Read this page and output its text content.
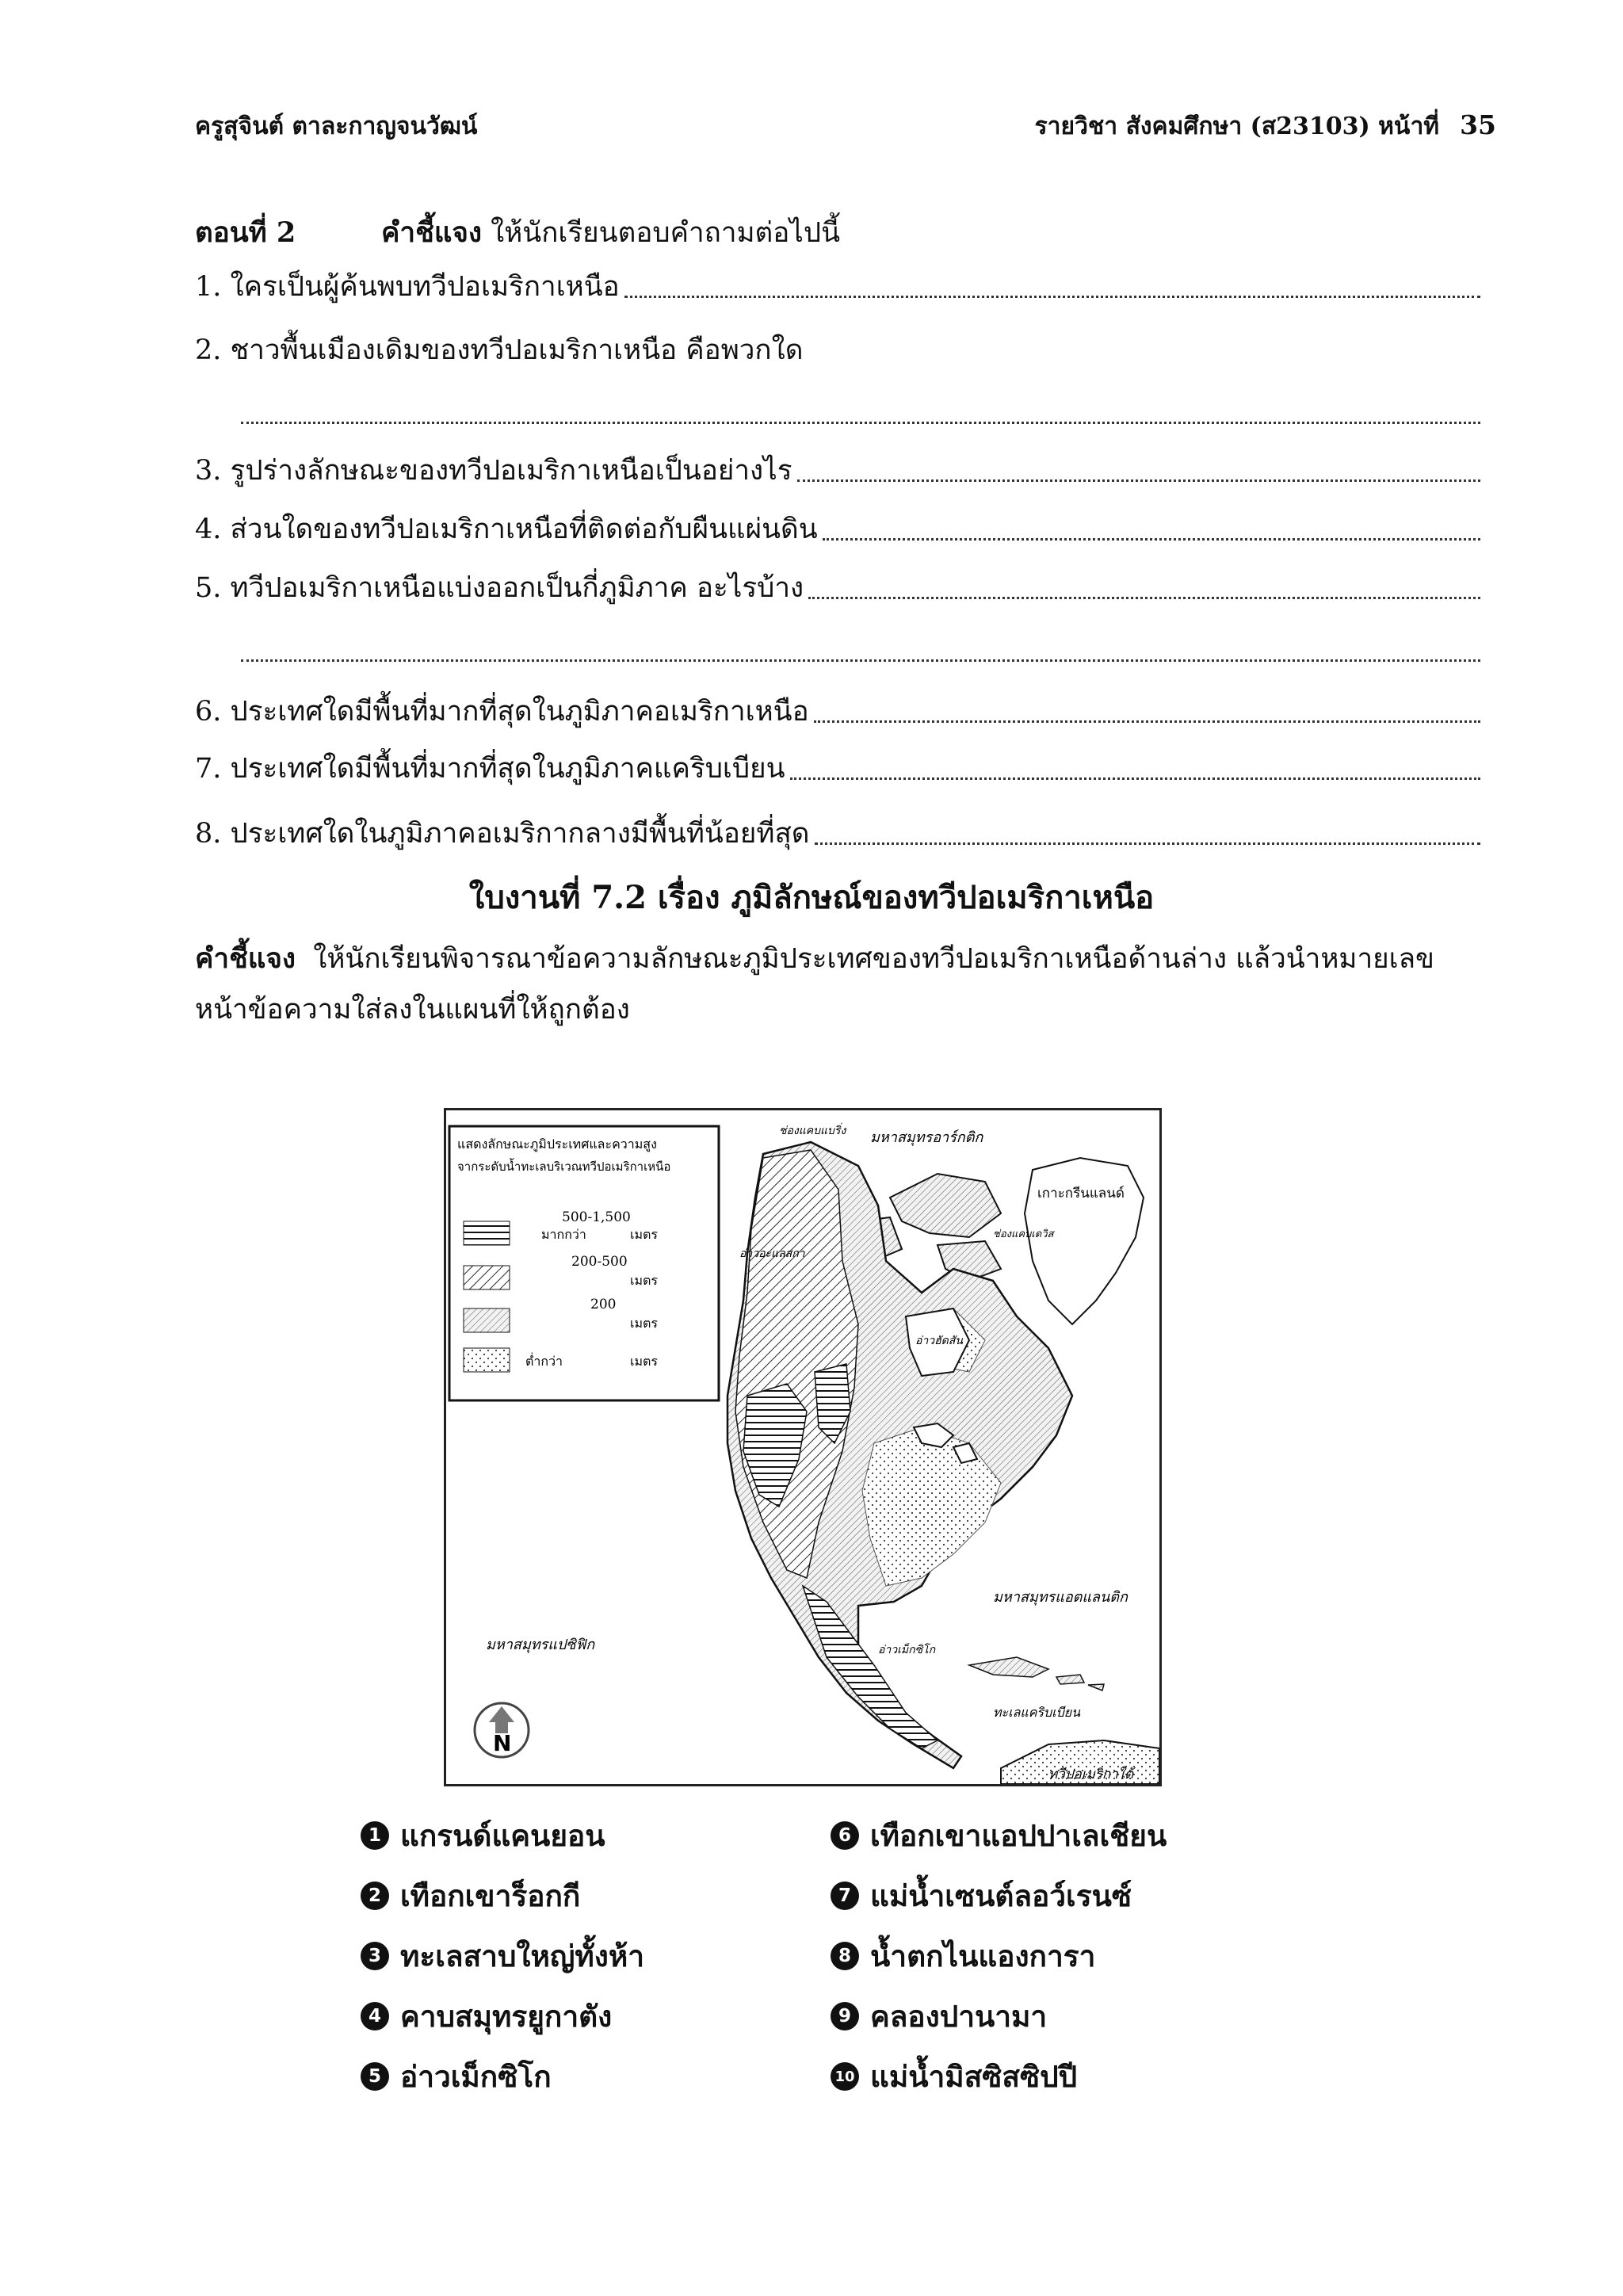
ครูสุจินต์ ตาละกาญจนวัฒน์	รายวิชา สังคมศึกษา (ส23103) หน้าที่ 35
ตอนที่ 2	คำชี้แจง ให้นักเรียนตอบคำถามต่อไปนี้
1. ใครเป็นผู้ค้นพบทวีปอเมริกาเหนือ
2. ชาวพื้นเมืองเดิมของทวีปอเมริกาเหนือ คือพวกใด
3. รูปร่างลักษณะของทวีปอเมริกาเหนือเป็นอย่างไร
4. ส่วนใดของทวีปอเมริกาเหนือที่ติดต่อกับผืนแผ่นดิน
5. ทวีปอเมริกาเหนือแบ่งออกเป็นกี่ภูมิภาค อะไรบ้าง
6. ประเทศใดมีพื้นที่มากที่สุดในภูมิภาคอเมริกาเหนือ
7. ประเทศใดมีพื้นที่มากที่สุดในภูมิภาคแคริบเบียน
8. ประเทศใดในภูมิภาคอเมริกากลางมีพื้นที่น้อยที่สุด
ใบงานที่ 7.2 เรื่อง ภูมิลักษณ์ของทวีปอเมริกาเหนือ
คำชี้แจง ให้นักเรียนพิจารณาข้อความลักษณะภูมิประเทศของทวีปอเมริกาเหนือด้านล่าง แล้วนำหมายเลขหน้าข้อความใส่ลงในแผนที่ให้ถูกต้อง
แสดงลักษณะภูมิประเทศและความสูง
จากระดับน้ำทะเลบริเวณทวีปอเมริกาเหนือ
500-1,500
มากกว่า	เมตร
200-500
เมตร
200
เมตร
ต่ำกว่า	เมตร
ช่องแคบแบริ่ง มหาสมุทรอาร์กติก
เกาะกรีนแลนด์
ช่องแคบเดวิส
อ่าวอะแลสกา
อ่าวฮัดสัน
มหาสมุทรแปซิฟิก
มหาสมุทรแอตแลนติก
อ่าวเม็กซิโก
ทะเลแคริบเบียน
ทวีปอเมริกาใต้
N
1 แกรนด์แคนยอน
2 เทือกเขาร็อกกี
3 ทะเลสาบใหญ่ทั้งห้า
4 คาบสมุทรยูกาตัง
5 อ่าวเม็กซิโก
6 เทือกเขาแอปปาเลเชียน
7 แม่น้ำเซนต์ลอว์เรนซ์
8 น้ำตกไนแองการา
9 คลองปานามา
10 แม่น้ำมิสซิสซิปปี
